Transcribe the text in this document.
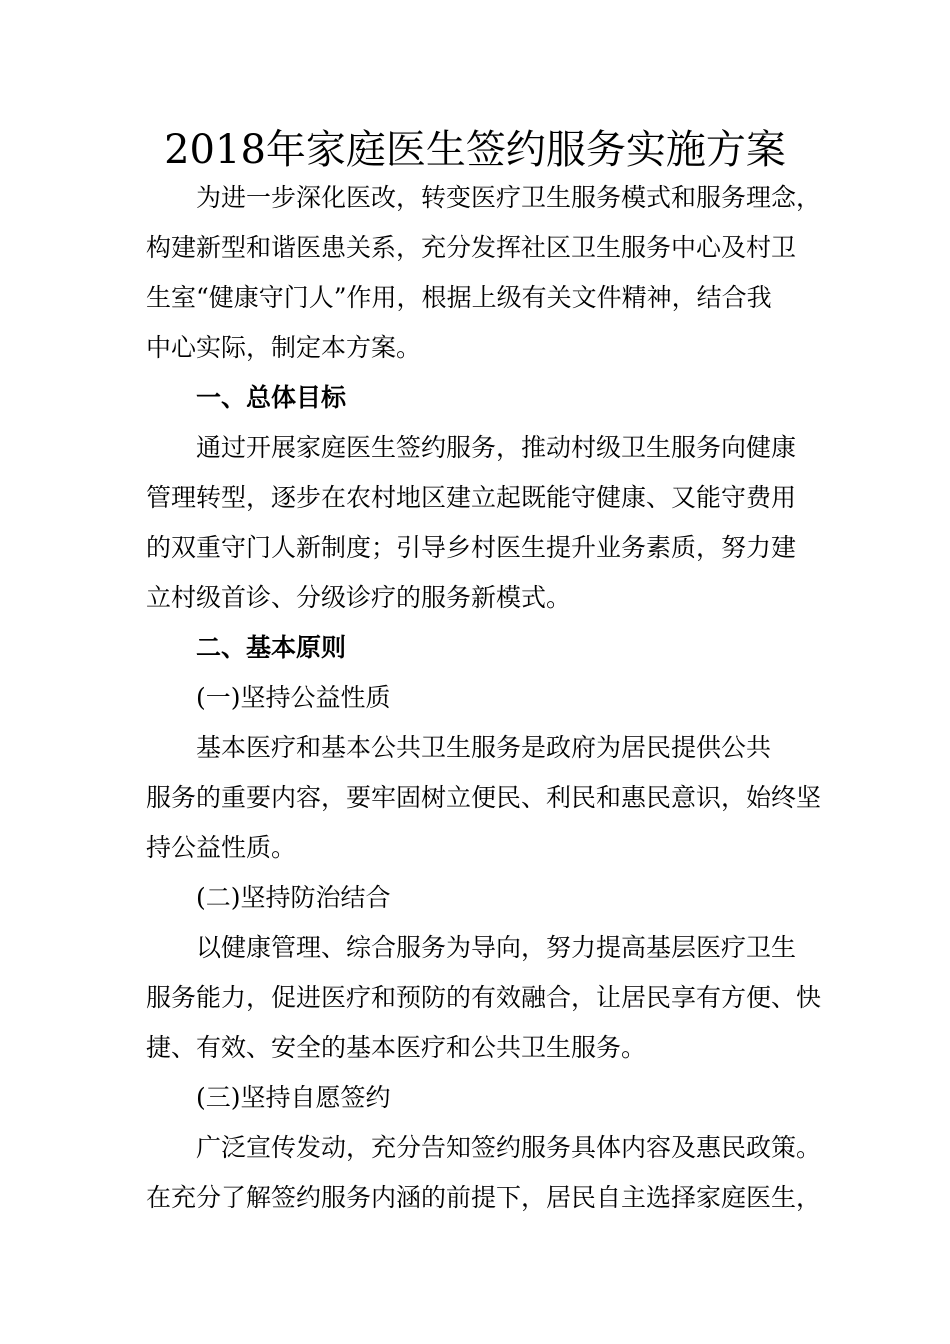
2018年家庭医生签约服务实施方案

为进一步深化医改，转变医疗卫生服务模式和服务理念，

构建新型和谐医患关系，充分发挥社区卫生服务中心及村卫

生室“健康守门人”作用，根据上级有关文件精神，结合我

中心实际，制定本方案。

一、总体目标

通过开展家庭医生签约服务，推动村级卫生服务向健康

管理转型，逐步在农村地区建立起既能守健康、又能守费用

的双重守门人新制度；引导乡村医生提升业务素质，努力建

立村级首诊、分级诊疗的服务新模式。

二、基本原则

(一)坚持公益性质

基本医疗和基本公共卫生服务是政府为居民提供公共

服务的重要内容，要牢固树立便民、利民和惠民意识，始终坚

持公益性质。

(二)坚持防治结合

以健康管理、综合服务为导向，努力提高基层医疗卫生

服务能力，促进医疗和预防的有效融合，让居民享有方便、快

捷、有效、安全的基本医疗和公共卫生服务。

(三)坚持自愿签约

广泛宣传发动，充分告知签约服务具体内容及惠民政策。

在充分了解签约服务内涵的前提下，居民自主选择家庭医生，
